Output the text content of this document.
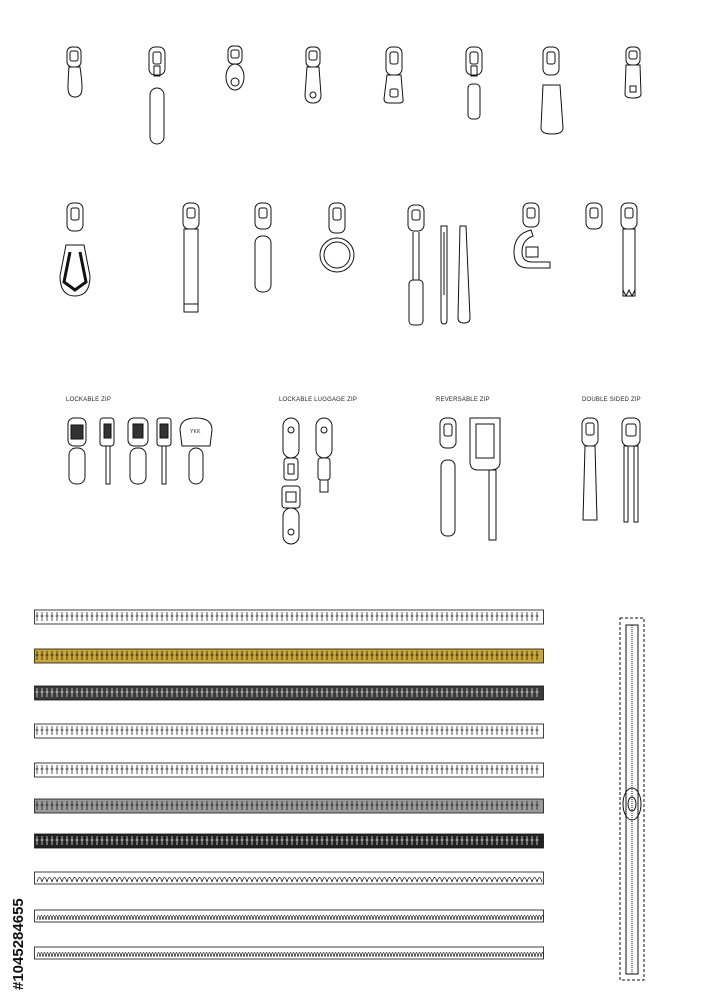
LOCKABLE ZIP	LOCKABLE LUGGAGE ZIP	REVERSABLE ZIP	DOUBLE SIDED ZIP
YKK
#1045284655
